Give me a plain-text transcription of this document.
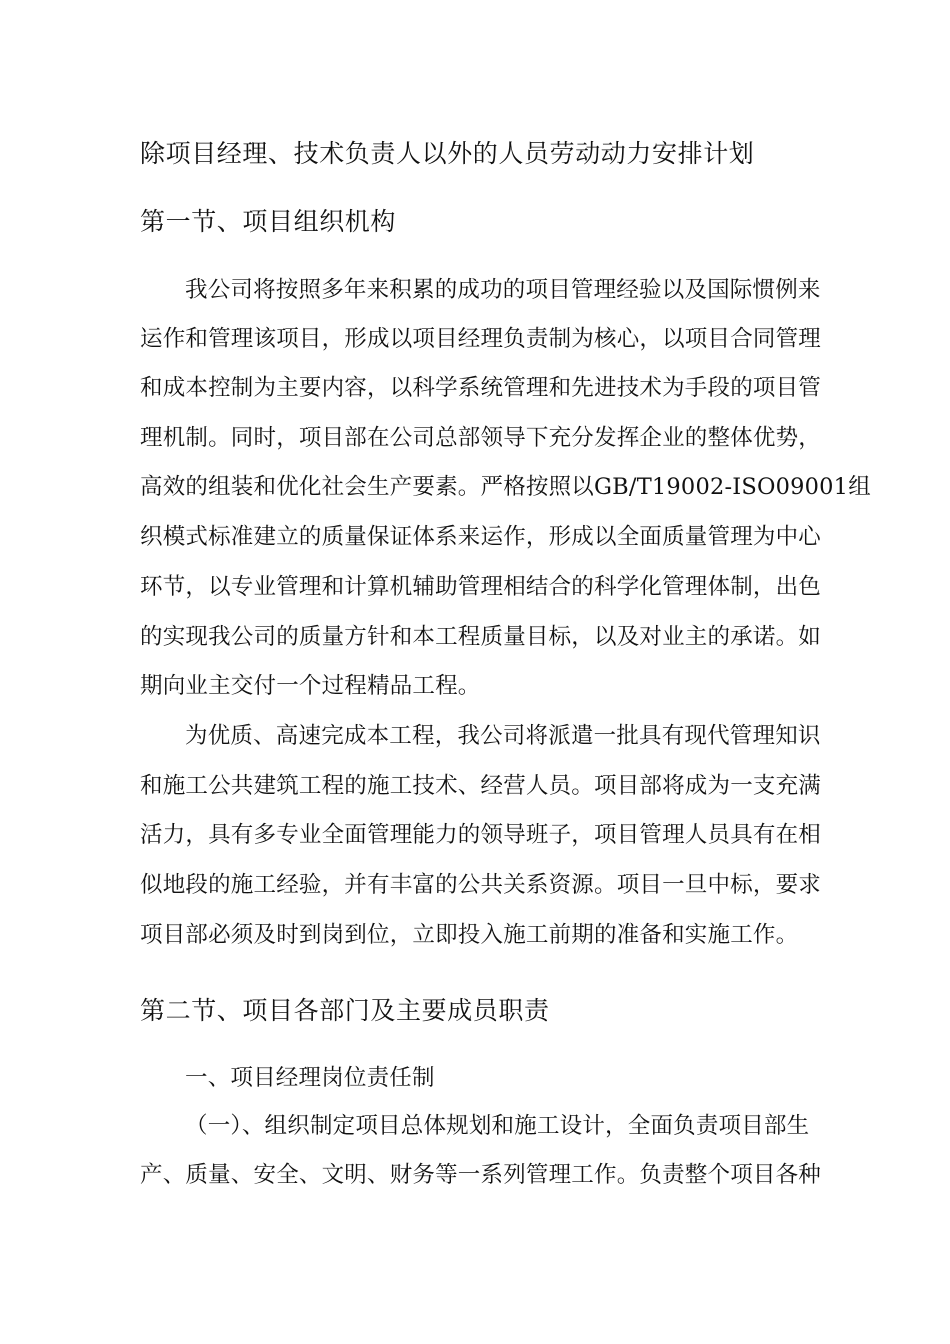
除项目经理、技术负责人以外的人员劳动动力安排计划
第一节、项目组织机构
我公司将按照多年来积累的成功的项目管理经验以及国际惯例来
运作和管理该项目，形成以项目经理负责制为核心，以项目合同管理
和成本控制为主要内容，以科学系统管理和先进技术为手段的项目管
理机制。同时，项目部在公司总部领导下充分发挥企业的整体优势，
高效的组装和优化社会生产要素。严格按照以GB/T19002-ISO09001组
织模式标准建立的质量保证体系来运作，形成以全面质量管理为中心
环节，以专业管理和计算机辅助管理相结合的科学化管理体制，出色
的实现我公司的质量方针和本工程质量目标，以及对业主的承诺。如
期向业主交付一个过程精品工程。
为优质、高速完成本工程，我公司将派遣一批具有现代管理知识
和施工公共建筑工程的施工技术、经营人员。项目部将成为一支充满
活力，具有多专业全面管理能力的领导班子，项目管理人员具有在相
似地段的施工经验，并有丰富的公共关系资源。项目一旦中标，要求
项目部必须及时到岗到位，立即投入施工前期的准备和实施工作。
第二节、项目各部门及主要成员职责
一、项目经理岗位责任制
（一）、组织制定项目总体规划和施工设计，全面负责项目部生
产、质量、安全、文明、财务等一系列管理工作。负责整个项目各种
